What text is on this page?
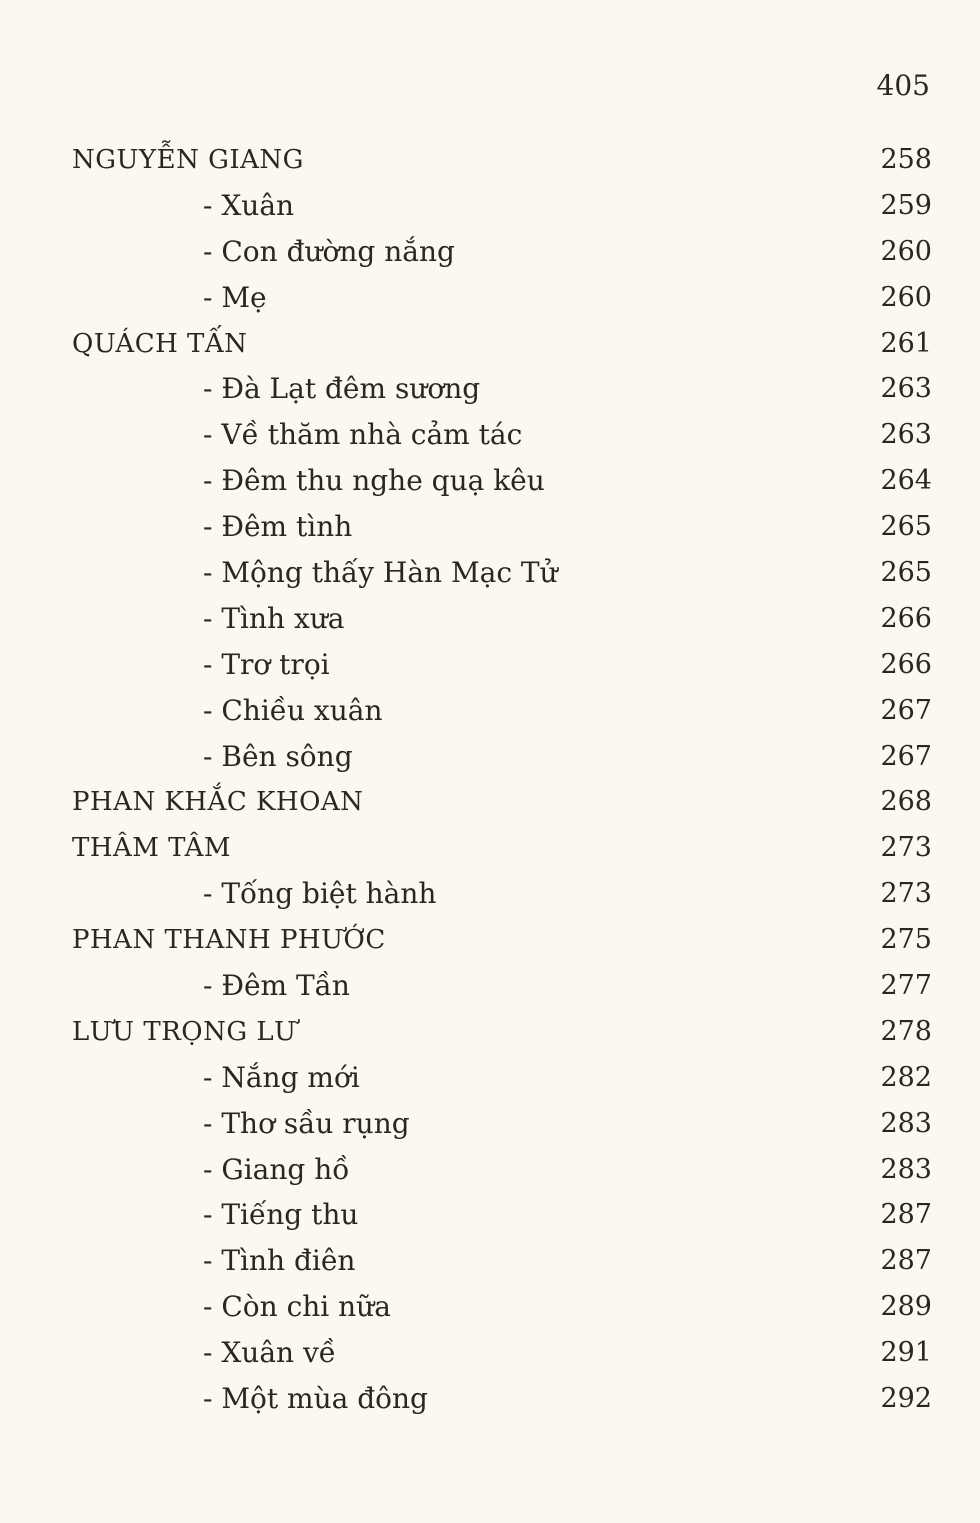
405
NGUYỄN GIANG	258
- Xuân	259
- Con đường nắng	260
- Mẹ	260
QUÁCH TẤN	261
- Đà Lạt đêm sương	263
- Về thăm nhà cảm tác	263
- Đêm thu nghe quạ kêu	264
- Đêm tình	265
- Mộng thấy Hàn Mạc Tử	265
- Tình xưa	266
- Trơ trọi	266
- Chiều xuân	267
- Bên sông	267
PHAN KHẮC KHOAN	268
THÂM TÂM	273
- Tống biệt hành	273
PHAN THANH PHƯỚC	275
- Đêm Tần	277
LƯU TRỌNG LƯ	278
- Nắng mới	282
- Thơ sầu rụng	283
- Giang hồ	283
- Tiếng thu	287
- Tình điên	287
- Còn chi nữa	289
- Xuân về	291
- Một mùa đông	292
